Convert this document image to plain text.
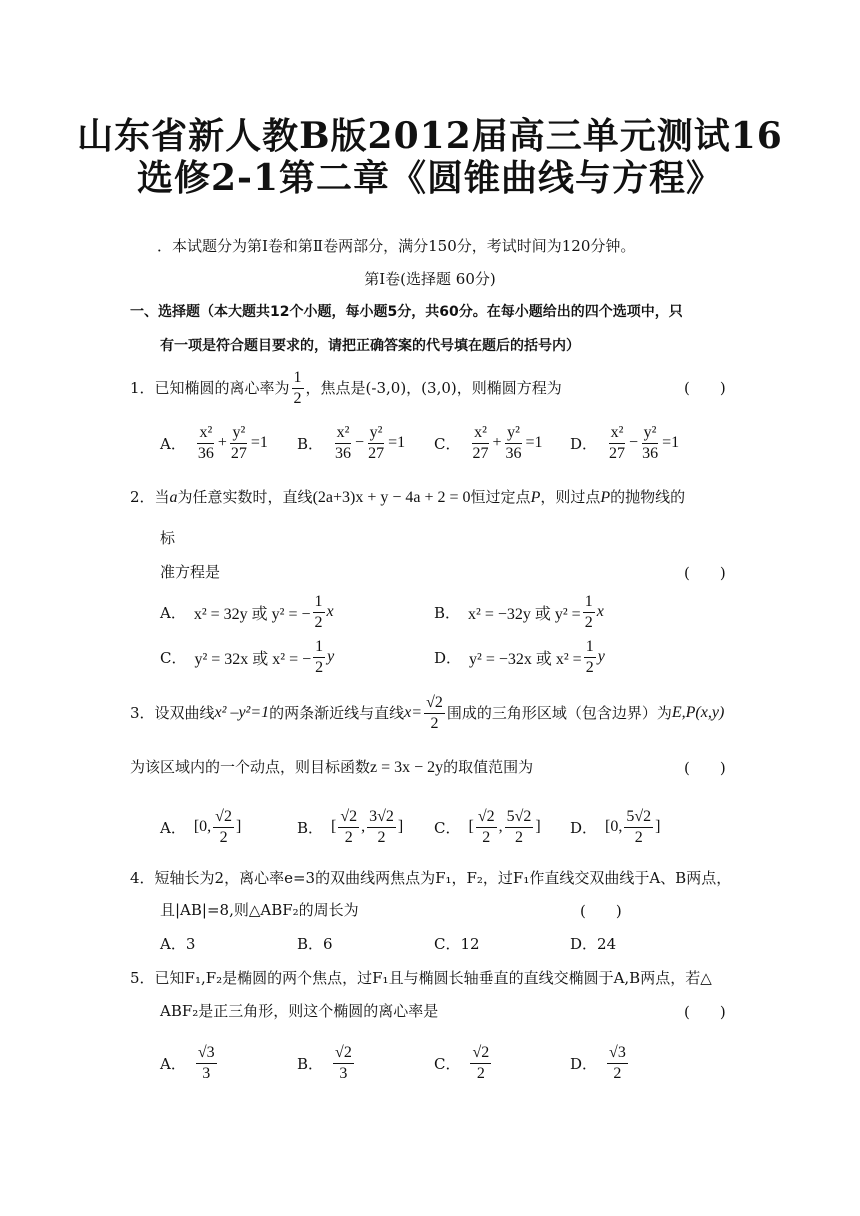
山东省新人教B版2012届高三单元测试16
选修2-1第二章《圆锥曲线与方程》
．本试题分为第Ⅰ卷和第Ⅱ卷两部分，满分150分，考试时间为120分钟。
第Ⅰ卷(选择题 60分)
一、选择题（本大题共12个小题，每小题5分，共60分。在每小题给出的四个选项中，只
有一项是符合题目要求的，请把正确答案的代号填在题后的括号内）
1．已知椭圆的离心率为 $\frac{1}{2}$ ，焦点是(-3,0)，(3,0)，则椭圆方程为	(　　)
A． $\frac{\text{x²}}{36} + \frac{\text{y²}}{27} =1$ B． $\frac{\text{x²}}{36} - \frac{\text{y²}}{27} =1$ C． $\frac{\text{x²}}{27} + \frac{\text{y²}}{36} =1$ D． $\frac{\text{x²}}{27} - \frac{\text{y²}}{36} =1$
2．当a为任意实数时，直线(2a+3)x + y − 4a + 2 = 0恒过定点P，则过点P的抛物线的
标
准方程是	(　　)
A． x² = 32y 或 y² = − $\frac{1}{2}$ x	B． x² = −32y 或 $y^2 = \frac{1}{2}$ x
C． y² = 32x 或 x² = − $\frac{1}{2}$ y	D． y² = −32x 或 $x^2 = \frac{1}{2}$ y
3．设双曲线 x² –y²=1 的两条渐近线与直线 $x= \frac{√2}{2}$ 围成的三角形区域（包含边界）为 E,P(x,y)
为该区域内的一个动点，则目标函数z = 3x − 2y的取值范围为	(　　)
A． [ 0 , $\frac{√2}{2}$ ]	B． [ $\frac{√2}{2}$ , $\frac{3√2}{2}$ ] C． [ $\frac{√2}{2}$ , $\frac{5√2}{2}$ ] D． [ 0 , $\frac{5√2}{2}$ ]
4．短轴长为2，离心率e=3的双曲线两焦点为F₁，F₂，过F₁作直线交双曲线于A、B两点，
且|AB|=8,则△ABF₂的周长为	(　　)
A．3	B．6	C．12	D．24
5．已知F₁,F₂是椭圆的两个焦点，过F₁且与椭圆长轴垂直的直线交椭圆于A,B两点，若△
ABF₂是正三角形，则这个椭圆的离心率是	(　　)
A． $\frac{√3}{3}$	B． $\frac{√2}{3}$	C． $\frac{√2}{2}$	D． $\frac{√3}{2}$
